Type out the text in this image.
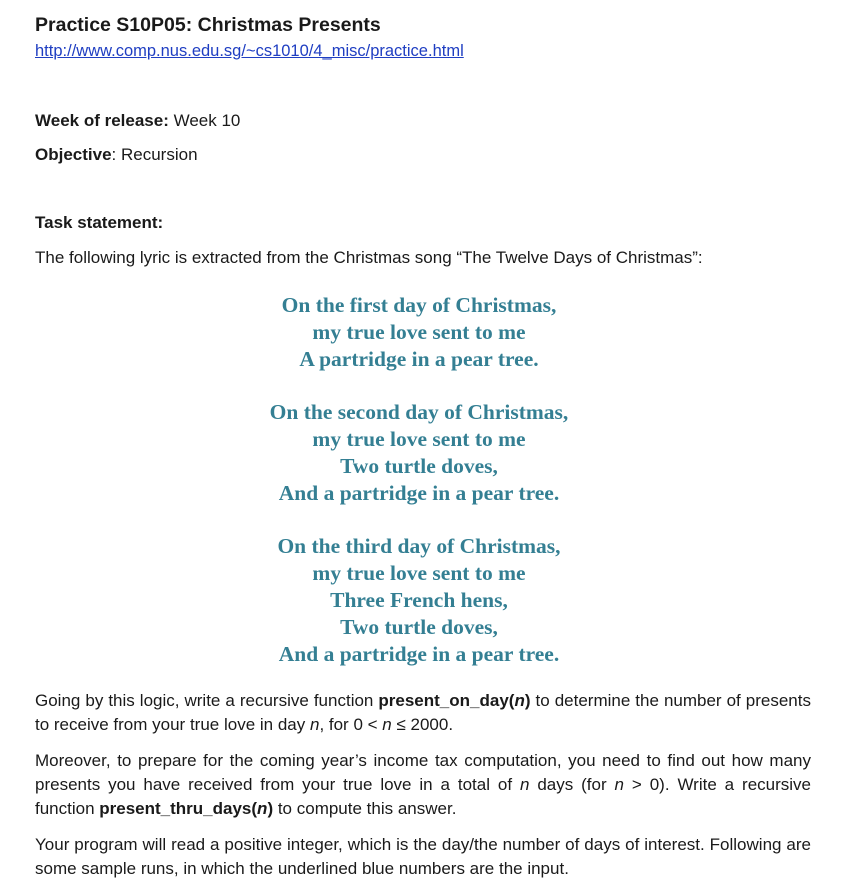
Practice S10P05: Christmas Presents
http://www.comp.nus.edu.sg/~cs1010/4_misc/practice.html
Week of release: Week 10
Objective: Recursion
Task statement:
The following lyric is extracted from the Christmas song “The Twelve Days of Christmas”:
On the first day of Christmas,
my true love sent to me
A partridge in a pear tree.
On the second day of Christmas,
my true love sent to me
Two turtle doves,
And a partridge in a pear tree.
On the third day of Christmas,
my true love sent to me
Three French hens,
Two turtle doves,
And a partridge in a pear tree.
Going by this logic, write a recursive function present_on_day(n) to determine the number of presents to receive from your true love in day n, for 0 < n ≤ 2000.
Moreover, to prepare for the coming year’s income tax computation, you need to find out how many presents you have received from your true love in a total of n days (for n > 0). Write a recursive function present_thru_days(n) to compute this answer.
Your program will read a positive integer, which is the day/the number of days of interest. Following are some sample runs, in which the underlined blue numbers are the input.
